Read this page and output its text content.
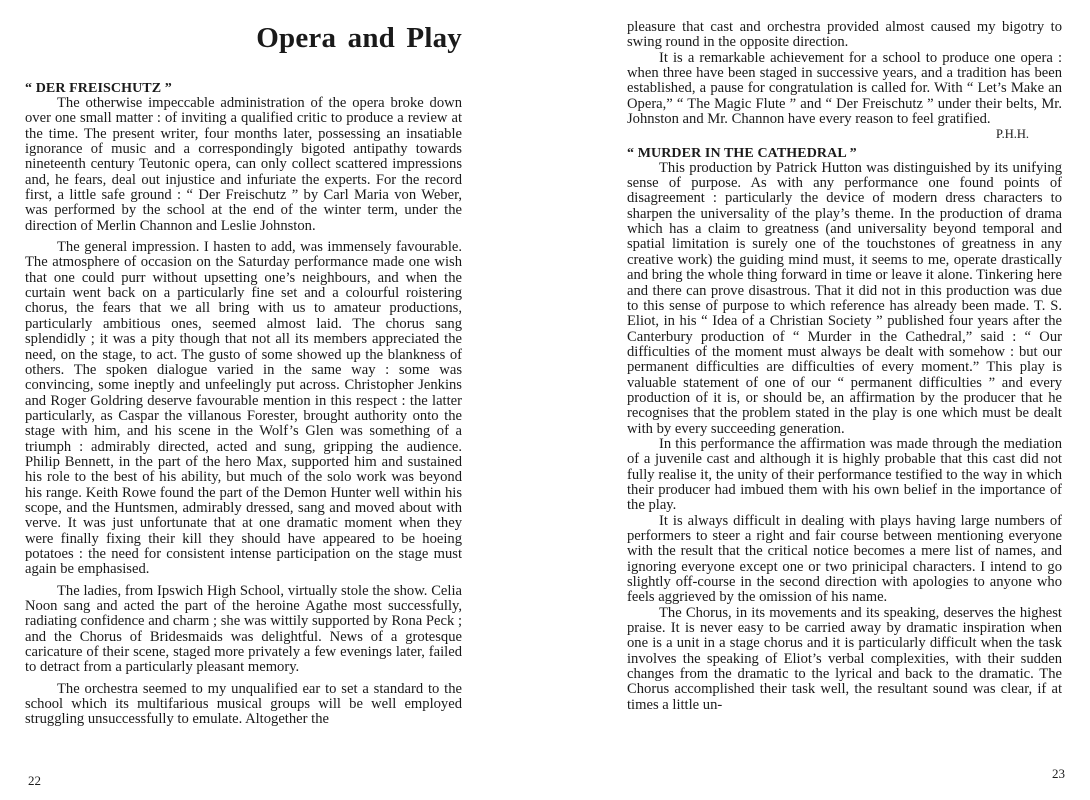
Opera and Play
“ DER FREISCHUTZ ”

The otherwise impeccable administration of the opera broke down over one small matter : of inviting a qualified critic to produce a review at the time. The present writer, four months later, possessing an insatiable ignorance of music and a correspondingly bigoted antipathy towards nineteenth century Teutonic opera, can only collect scattered impressions and, he fears, deal out injustice and infuriate the experts. For the record first, a little safe ground : “ Der Freischutz ” by Carl Maria von Weber, was performed by the school at the end of the winter term, under the direction of Merlin Channon and Leslie Johnston.

The general impression. I hasten to add, was immensely favourable. The atmosphere of occasion on the Saturday performance made one wish that one could purr without upsetting one’s neighbours, and when the curtain went back on a particularly fine set and a colourful roistering chorus, the fears that we all bring with us to amateur productions, particularly ambitious ones, seemed almost laid. The chorus sang splendidly ; it was a pity though that not all its members appreciated the need, on the stage, to act. The gusto of some showed up the blankness of others. The spoken dialogue varied in the same way : some was convincing, some ineptly and unfeelingly put across. Christopher Jenkins and Roger Goldring deserve favourable mention in this respect : the latter particularly, as Caspar the villanous Forester, brought authority onto the stage with him, and his scene in the Wolf’s Glen was something of a triumph : admirably directed, acted and sung, gripping the audience. Philip Bennett, in the part of the hero Max, supported him and sustained his role to the best of his ability, but much of the solo work was beyond his range. Keith Rowe found the part of the Demon Hunter well within his scope, and the Huntsmen, admirably dressed, sang and moved about with verve. It was just unfortunate that at one dramatic moment when they were finally fixing their kill they should have appeared to be hoeing potatoes : the need for consistent intense participation on the stage must again be emphasised.

The ladies, from Ipswich High School, virtually stole the show. Celia Noon sang and acted the part of the heroine Agathe most successfully, radiating confidence and charm ; she was wittily supported by Rona Peck ; and the Chorus of Bridesmaids was delightful. News of a grotesque caricature of their scene, staged more privately a few evenings later, failed to detract from a particularly pleasant memory.

The orchestra seemed to my unqualified ear to set a standard to the school which its multifarious musical groups will be well employed struggling unsuccessfully to emulate. Altogether the

22

pleasure that cast and orchestra provided almost caused my bigotry to swing round in the opposite direction.

It is a remarkable achievement for a school to produce one opera : when three have been staged in successive years, and a tradition has been established, a pause for congratulation is called for. With “ Let’s Make an Opera,” “ The Magic Flute ” and “ Der Freischutz ” under their belts, Mr. Johnston and Mr. Channon have every reason to feel gratified.

P.H.H.

“ MURDER IN THE CATHEDRAL ”

This production by Patrick Hutton was distinguished by its unifying sense of purpose. As with any performance one found points of disagreement : particularly the device of modern dress characters to sharpen the universality of the play’s theme. In the production of drama which has a claim to greatness (and universality beyond temporal and spatial limitation is surely one of the touchstones of greatness in any creative work) the guiding mind must, it seems to me, operate drastically and bring the whole thing forward in time or leave it alone. Tinkering here and there can prove disastrous. That it did not in this production was due to this sense of purpose to which reference has already been made. T. S. Eliot, in his “ Idea of a Christian Society ” published four years after the Canterbury production of “ Murder in the Cathedral,” said : “ Our difficulties of the moment must always be dealt with somehow : but our permanent difficulties are difficulties of every moment.” This play is valuable statement of one of our “ permanent difficulties ” and every production of it is, or should be, an affirmation by the producer that he recognises that the problem stated in the play is one which must be dealt with by every succeeding generation.

In this performance the affirmation was made through the mediation of a juvenile cast and although it is highly probable that this cast did not fully realise it, the unity of their performance testified to the way in which their producer had imbued them with his own belief in the importance of the play.

It is always difficult in dealing with plays having large numbers of performers to steer a right and fair course between mentioning everyone with the result that the critical notice becomes a mere list of names, and ignoring everyone except one or two prinicipal characters. I intend to go slightly off-course in the second direction with apologies to anyone who feels aggrieved by the omission of his name.

The Chorus, in its movements and its speaking, deserves the highest praise. It is never easy to be carried away by dramatic inspiration when one is a unit in a stage chorus and it is particularly difficult when the task involves the speaking of Eliot’s verbal complexities, with their sudden changes from the dramatic to the lyrical and back to the dramatic. The Chorus accomplished their task well, the resultant sound was clear, if at times a little un-

23
